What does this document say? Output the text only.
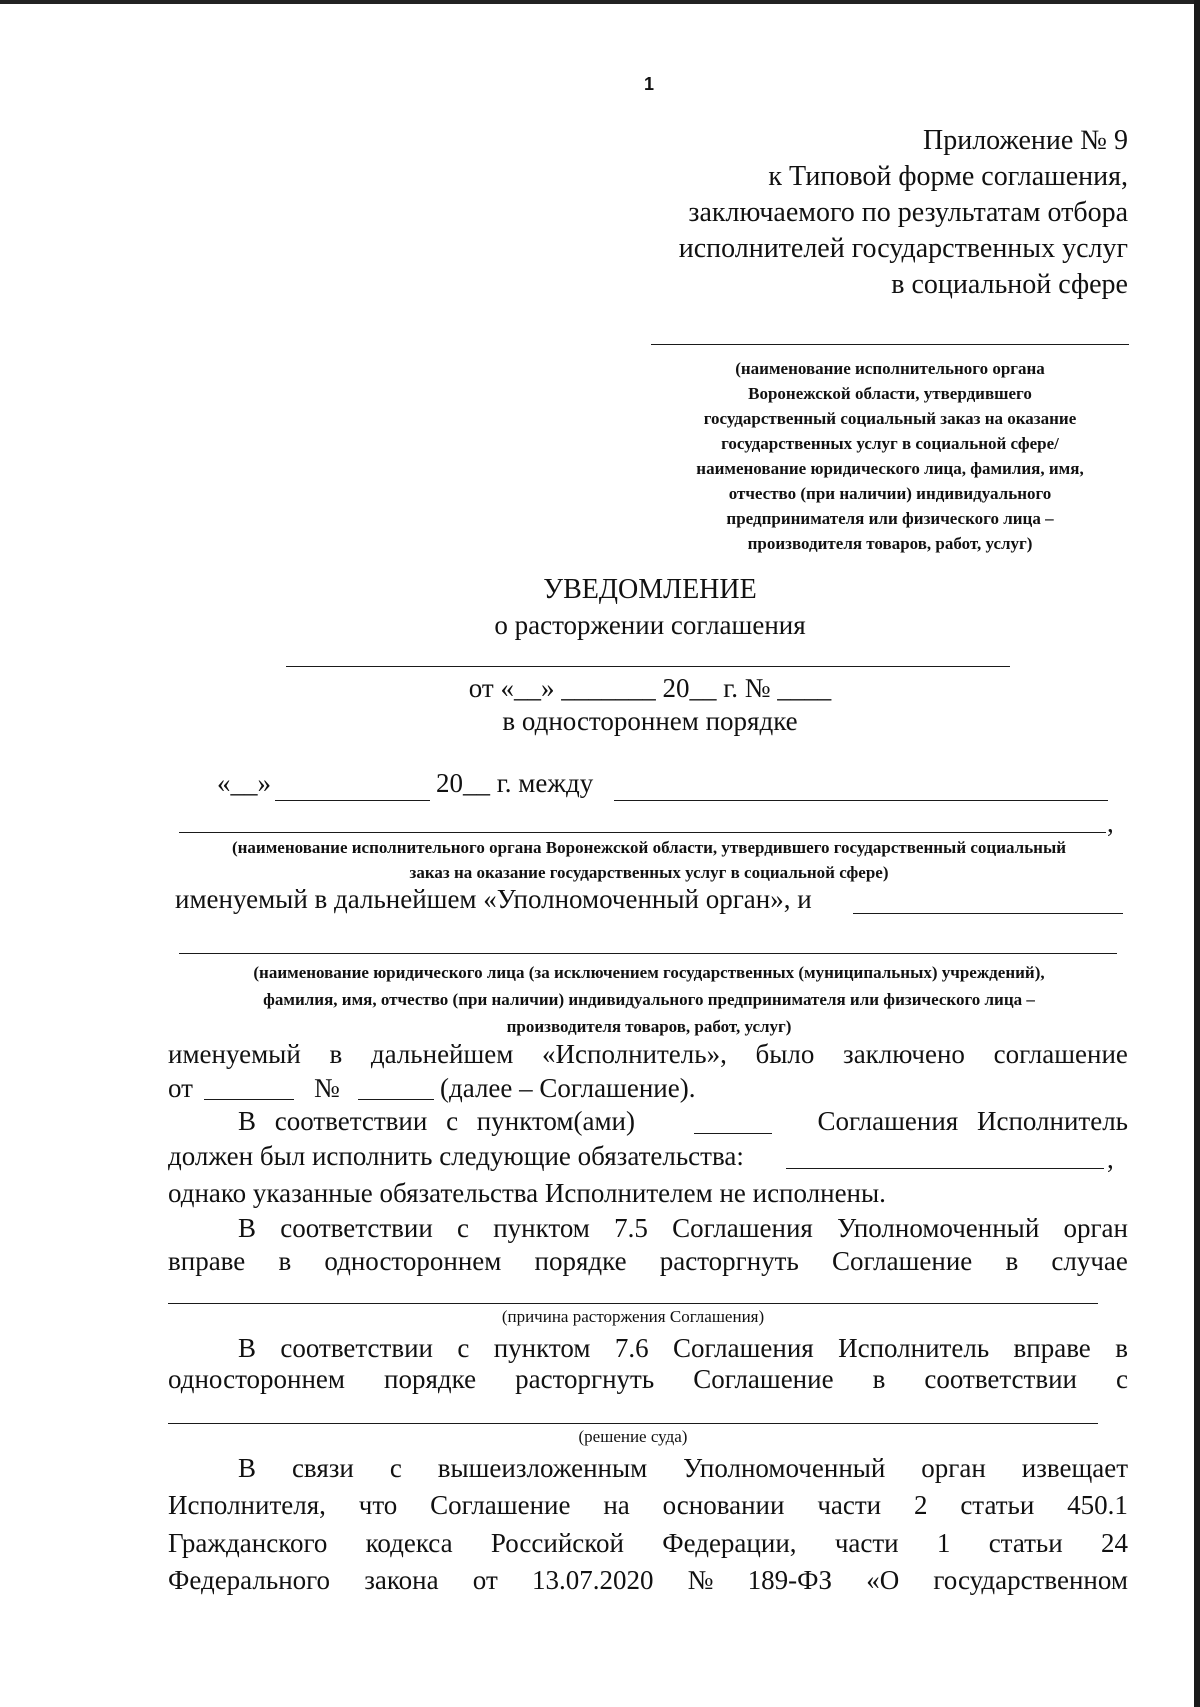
1
Приложение № 9
к Типовой форме соглашения,
заключаемого по результатам отбора
исполнителей государственных услуг
в социальной сфере
(наименование исполнительного органа
Воронежской области, утвердившего
государственный социальный заказ на оказание
государственных услуг в социальной сфере/
наименование юридического лица, фамилия, имя,
отчество (при наличии) индивидуального
предпринимателя или физического лица –
производителя товаров, работ, услуг)
УВЕДОМЛЕНИЕ
о расторжении соглашения
от «__» _______ 20__ г. № ____
в одностороннем порядке
«__»	20__ г. между
,
(наименование исполнительного органа Воронежской области, утвердившего государственный социальный
заказ на оказание государственных услуг в социальной сфере)
именуемый в дальнейшем «Уполномоченный орган», и
(наименование юридического лица (за исключением государственных (муниципальных) учреждений),
фамилия, имя, отчество (при наличии) индивидуального предпринимателя или физического лица –
производителя товаров, работ, услуг)
именуемый в дальнейшем «Исполнитель», было заключено соглашение
от	№	(далее – Соглашение).
В соответствии с пунктом(ами)	Соглашения Исполнитель
должен был исполнить следующие обязательства:	,
однако указанные обязательства Исполнителем не исполнены.
В соответствии с пунктом 7.5 Соглашения Уполномоченный орган
вправе в одностороннем порядке расторгнуть Соглашение в случае
(причина расторжения Соглашения)
В соответствии с пунктом 7.6 Соглашения Исполнитель вправе в
одностороннем порядке расторгнуть Соглашение в соответствии с
(решение суда)
В связи с вышеизложенным Уполномоченный орган извещает
Исполнителя, что Соглашение на основании части 2 статьи 450.1
Гражданского кодекса Российской Федерации, части 1 статьи 24
Федерального закона от 13.07.2020 № 189-ФЗ «О государственном
